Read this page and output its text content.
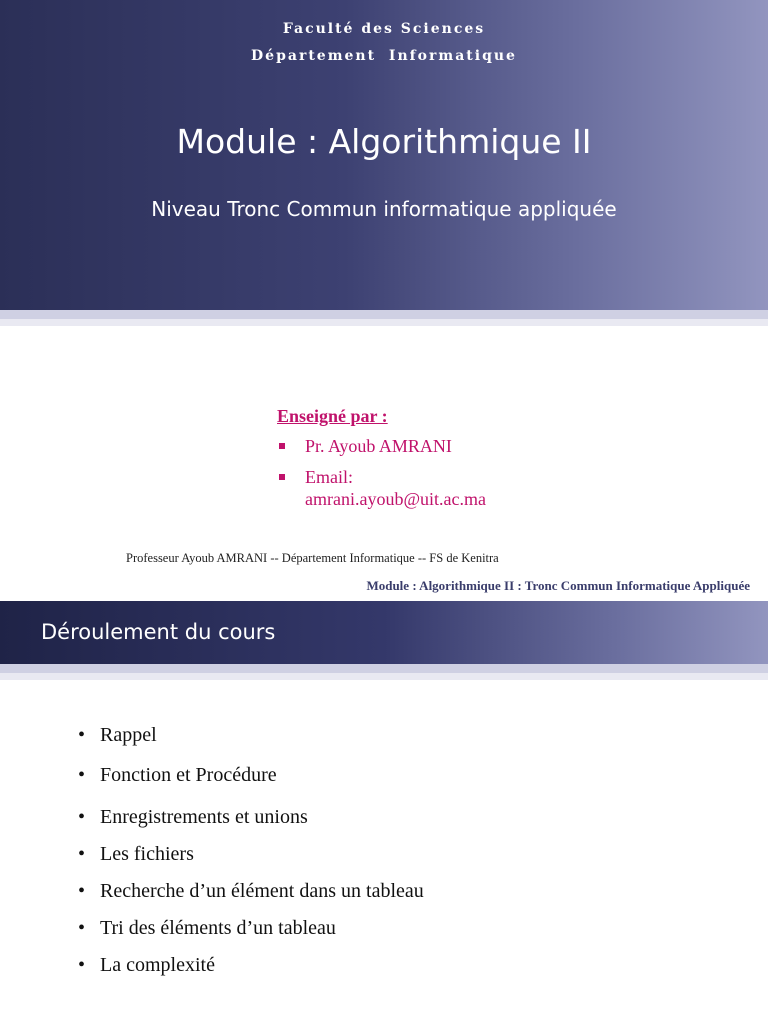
Faculté des Sciences
Département Informatique
Module : Algorithmique II
Niveau Tronc Commun informatique appliquée
Enseigné par :
Pr. Ayoub AMRANI
Email:
amrani.ayoub@uit.ac.ma
Professeur Ayoub AMRANI -- Département Informatique -- FS de Kenitra
Module : Algorithmique II : Tronc Commun Informatique Appliquée
Déroulement du cours
• Rappel
• Fonction et Procédure
• Enregistrements et unions
• Les fichiers
• Recherche d’un élément dans un tableau
• Tri des éléments d’un tableau
• La complexité
